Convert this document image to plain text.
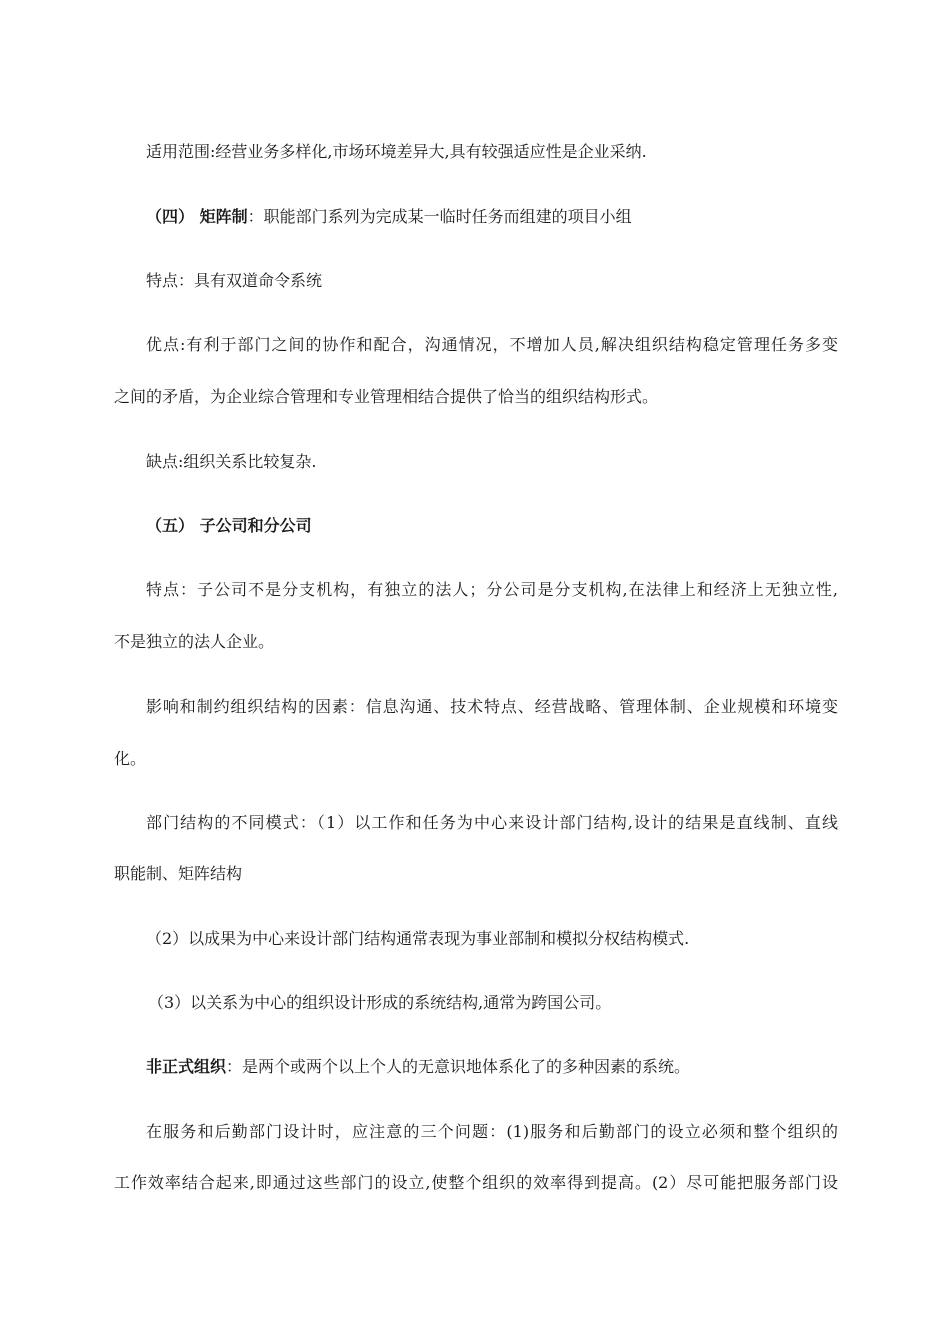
适用范围:经营业务多样化,市场环境差异大,具有较强适应性是企业采纳.
（四） 矩阵制：职能部门系列为完成某一临时任务而组建的项目小组
特点：具有双道命令系统
优点:有利于部门之间的协作和配合，沟通情况，不增加人员,解决组织结构稳定管理任务多变
之间的矛盾，为企业综合管理和专业管理相结合提供了恰当的组织结构形式。
缺点:组织关系比较复杂.
（五） 子公司和分公司
特点：子公司不是分支机构，有独立的法人；分公司是分支机构,在法律上和经济上无独立性,
不是独立的法人企业。
影响和制约组织结构的因素：信息沟通、技术特点、经营战略、管理体制、企业规模和环境变
化。
部门结构的不同模式：（1）以工作和任务为中心来设计部门结构,设计的结果是直线制、直线
职能制、矩阵结构
（2）以成果为中心来设计部门结构通常表现为事业部制和模拟分权结构模式.
（3）以关系为中心的组织设计形成的系统结构,通常为跨国公司。
非正式组织：是两个或两个以上个人的无意识地体系化了的多种因素的系统。
在服务和后勤部门设计时，应注意的三个问题：(1)服务和后勤部门的设立必须和整个组织的
工作效率结合起来,即通过这些部门的设立,使整个组织的效率得到提高。(2）尽可能把服务部门设
